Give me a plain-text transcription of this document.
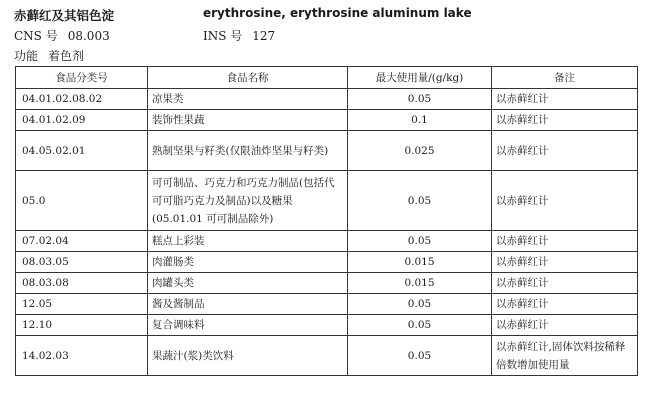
赤藓红及其铝色淀	erythrosine, erythrosine aluminum lake
CNS 号 08.003	INS 号 127
功能 着色剂
食品分类号	食品名称	最大使用量/(g/kg)	备注
04.01.02.08.02	凉果类	0.05	以赤藓红计
04.01.02.09	装饰性果蔬	0.1	以赤藓红计
04.05.02.01	熟制坚果与籽类(仅限油炸坚果与籽类)	0.025	以赤藓红计
05.0	可可制品、巧克力和巧克力制品(包括代可可脂巧克力及制品)以及糖果(05.01.01 可可制品除外)	0.05	以赤藓红计
07.02.04	糕点上彩装	0.05	以赤藓红计
08.03.05	肉灌肠类	0.015	以赤藓红计
08.03.08	肉罐头类	0.015	以赤藓红计
12.05	酱及酱制品	0.05	以赤藓红计
12.10	复合调味料	0.05	以赤藓红计
14.02.03	果蔬汁(浆)类饮料	0.05	以赤藓红计,固体饮料按稀释倍数增加使用量
